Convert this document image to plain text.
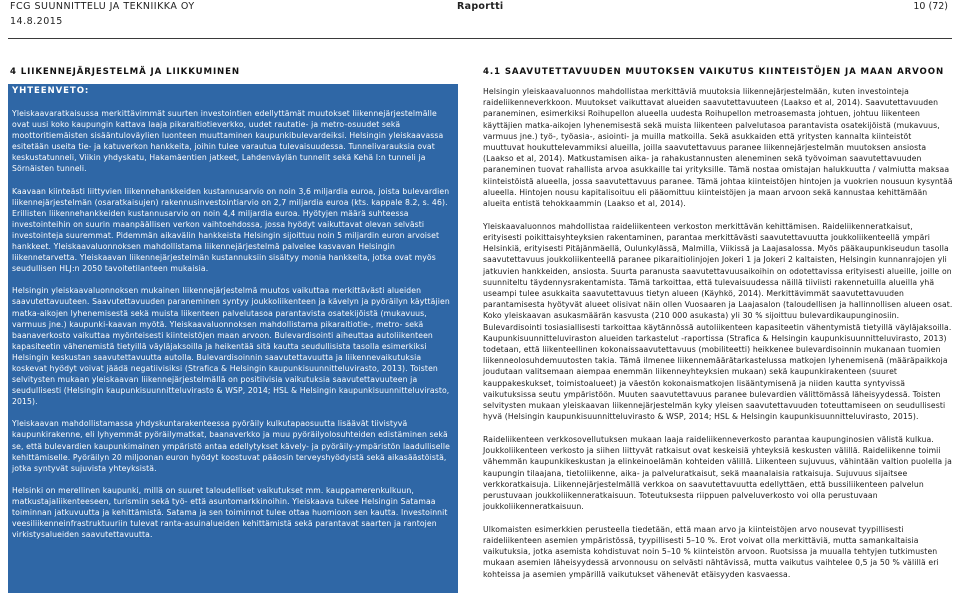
FCG SUUNNITTELU JA TEKNIIKKA OY
14.8.2015
Raportti	10 (72)
4 LIIKENNEJÄRJESTELMÄ JA LIIKKUMINEN	4.1 SAAVUTETTAVUUDEN MUUTOKSEN VAIKUTUS KIINTEISTÖJEN JA MAAN ARVOON
YHTEENVETO:

Yleiskaavaratkaisussa merkittävimmät suurten investointien edellyttämät muutokset liikennejärjestelmälle ovat uusi koko kaupungin kattava laaja pikaraitiotieverkko, uudet rautatie- ja metro-osuudet sekä moottoritiemäisten sisääntuloväylien luonteen muuttaminen kaupunkibulevardeiksi. Helsingin yleiskaavassa esitetään useita tie- ja katuverkon hankkeita, joihin tulee varautua tulevaisuudessa. Tunnelivarauksia ovat keskustatunneli, Viikin yhdyskatu, Hakamäentien jatkeet, Lahdenväylän tunnelit sekä Kehä I:n tunneli ja Sörnäisten tunneli.

Kaavaan kiinteästi liittyvien liikennehankkeiden kustannusarvio on noin 3,6 miljardia euroa, joista bulevardien liikennejärjestelmän (osaratkaisujen) rakennusinvestointiarvio on 2,7 miljardia euroa (kts. kappale 8.2, s. 46). Erillisten liikennehankkeiden kustannusarvio on noin 4,4 miljardia euroa. Hyötyjen määrä suhteessa investointeihin on suurin maanpäällisen verkon vaihtoehdossa, jossa hyödyt vaikuttavat olevan selvästi investointeja suuremmat. Pidemmän aikavälin hankkeista Helsingin sijoittuu noin 5 miljardin euron arvoiset hankkeet. Yleiskaavaluonnoksen mahdollistama liikennejärjestelmä palvelee kasvavan Helsingin liikennetarvetta. Yleiskaavan liikennejärjestelmän kustannuksiin sisältyy monia hankkeita, jotka ovat myös seudullisen HLJ:n 2050 tavoitetilanteen mukaisia.

Helsingin yleiskaavaluonnoksen mukainen liikennejärjestelmä muutos vaikuttaa merkittävästi alueiden saavutettavuuteen. Saavutettavuuden paraneminen syntyy joukkoliikenteen ja kävelyn ja pyöräilyn käyttäjien matka-aikojen lyhenemisestä sekä muista liikenteen palvelutasoa parantavista osatekijöistä (mukavuus, varmuus jne.) kaupunki-kaavan myötä. Yleiskaavaluonnoksen mahdollistama pikaraitiotie-, metro- sekä baanaverkosto vaikuttaa myönteisesti kiinteistöjen maan arvoon. Bulevardisointi aiheuttaa autoliikenteen kapasiteetin vähenemistä tietyillä väyläjaksoilla ja heikentää sitä kautta seudullisista tasolla esimerkiksi Helsingin keskustan saavutettavuutta autolla. Bulevardisoinnin saavutettavuutta ja liikennevaikutuksia koskevat hyödyt voivat jäädä negatiivisiksi (Strafica & Helsingin kaupunkisuunnitteluvirasto, 2013). Toisten selvitysten mukaan yleiskaavan liikennejärjestelmällä on positiivisia vaikutuksia saavutettavuuteen ja seudullisesti (Helsingin kaupunkisuunnitteluvirasto & WSP, 2014; HSL & Helsingin kaupunkisuunnitteluvirasto, 2015).

Yleiskaavan mahdollistamassa yhdyskuntarakenteessa pyöräily kulkutapaosuutta lisäävät tiivistyvä kaupunkirakenne, eli lyhyemmät pyöräilymatkat, baanaverkko ja muu pyöräilyolosuhteiden edistäminen sekä se, että bulevardien kaupunkimainen ympäristö antaa edellytykset kävely- ja pyöräily-ympäristön laadulliselle kehittämiselle. Pyöräilyn 20 miljoonan euron hyödyt koostuvat pääosin terveyshyödyistä sekä aikasäästöistä, jotka syntyvät sujuvista yhteyksistä.

Helsinki on merellinen kaupunki, millä on suuret taloudelliset vaikutukset mm. kauppamerenkulkuun, matkustajaliikenteeseen, turismiin sekä työ- että asuntomarkkinoihin. Yleiskaava tukee Helsingin Satamaa toiminnan jatkuvuutta ja kehittämistä. Satama ja sen toiminnot tulee ottaa huomioon sen kautta. Investoinnit veesiliikenneinfrastruktuuriin tulevat ranta-asuinalueiden kehittämistä sekä parantavat saarten ja rantojen virkistysalueiden saavutettavuutta.

Helsingin yleiskaavaluonnos mahdollistaa merkittäviä muutoksia liikennejärjestelmään, kuten investointeja raideliikenneverkkoon. Muutokset vaikuttavat alueiden saavutettavuuteen (Laakso et al, 2014). Saavutettavuuden paraneminen, esimerkiksi Roihupellon alueella uudesta Roihupellon metroasemasta johtuen, johtuu liikenteen käyttäjien matka-aikojen lyhenemisestä sekä muista liikenteen palvelutasoa parantavista osatekijöistä (mukavuus, varmuus jne.) työ-, työasia-, asiointi- ja muilla matkoilla. Sekä asukkaiden että yritysten kannalta kiinteistöt muuttuvat houkuttelevammiksi alueilla, joilla saavutettavuus paranee liikennejärjestelmän muutoksen ansiosta (Laakso et al, 2014). Matkustamisen aika- ja rahakustannusten aleneminen sekä työvoiman saavutettavuuden paraneminen tuovat rahallista arvoa asukkaille tai yrityksille. Tämä nostaa omistajan halukkuutta / valmiutta maksaa kiinteistöistä alueella, jossa saavutettavuus paranee. Tämä johtaa kiinteistöjen hintojen ja vuokrien nousuun kysyntää alueella. Hintojen nousu kapitalisoituu eli pääomittuu kiinteistöjen ja maan arvoon sekä kannustaa kehittämään alueita entistä tehokkaammin (Laakso et al, 2014).

Yleiskaavaluonnos mahdollistaa raideliikenteen verkoston merkittävän kehittämisen. Raideliikenneratkaisut, erityisesti poikittaisyhteyksien rakentaminen, parantaa merkittävästi saavutettavuutta joukkoliikenteellä ympäri Helsinkiä, erityisesti Pitäjänmäellä, Oulunkylässä, Malmilla, Viikissä ja Laajasalossa. Myös pääkaupunkiseudun tasolla saavutettavuus joukkoliikenteellä paranee pikaraitiolinjojen Jokeri 1 ja Jokeri 2 kaltaisten, Helsingin kunnanrajojen yli jatkuvien hankkeiden, ansiosta. Suurta paranusta saavutettavuusaikoihin on odotettavissa erityisesti alueille, joille on suunniteltu täydennysrakentamista. Tämä tarkoittaa, että tulevaisuudessa näillä tiiviisti rakennetuilla alueilla yhä useampi tulee asukkaita saavutettavuus tietyn alueen (Käyhkö, 2014). Merkittävimmät saavutettavuuden parantamisesta hyötyvät alueet olisivat näin ollen Vuosaaren ja Laajasalon (taloudellisen ja hallinnollisen alueen osat. Koko yleiskaavan asukasmäärän kasvusta (210 000 asukasta) yli 30 % sijoittuu bulevardikaupunginosiin. Bulevardisointi tosiasiallisesti tarkoittaa käytännössä autoliikenteen kapasiteetin vähentymistä tietyillä väyläjaksoilla. Kaupunkisuunnitteluviraston alueiden tarkastelut -raportissa (Strafica & Helsingin kaupunkisuunnitteluvirasto, 2013) todetaan, että liikenteellinen kokonaissaavutettavuus (mobiliteetti) heikkenee bulevardisoinnin mukanaan tuomien liikenneolosuhdemuutosten takia. Tämä ilmenee liikennemäärätarkastelussa matkojen lyhenemisenä (määräpaikkoja joudutaan valitsemaan aiempaa enemmän liikenneyhteyksien mukaan) sekä kaupunkirakenteen (suuret kauppakeskukset, toimistoalueet) ja väestön kokonaismatkojen lisääntymisenä ja niiden kautta syntyvissä vaikutuksissa seutu ympäristöön. Muuten saavutettavuus paranee bulevardien välittömässä läheisyydessä. Toisten selvitysten mukaan yleiskaavan liikennejärjestelmän kyky yleisen saavutettavuuden toteuttamiseen on seudullisesti hyvä (Helsingin kaupunkisuunnitteluvirasto & WSP, 2014; HSL & Helsingin kaupunkisuunnitteluvirasto, 2015).

Raideliikenteen verkkosovellutuksen mukaan laaja raideliikenneverkosto parantaa kaupunginosien välistä kulkua. Joukkoliikenteen verkosto ja siihen liittyvät ratkaisut ovat keskeisiä yhteyksiä keskusten välillä. Raideliikenne toimii vähemmän kaupunkikeskustan ja elinkeinoelämän kohteiden välillä. Liikenteen sujuvuus, vähintään valtion puolella ja kaupungin tilaajana, tietoliikenne, aika- ja palveluratkaisut, sekä maanalaisia ratkaisuja. Sujuvuus sijaitsee verkkoratkaisuja. Liikennejärjestelmällä verkkoa on saavutettavuutta edellyttäen, että bussiliikenteen palvelun perustuvaan joukkoliikenneratkaisuun. Toteutuksesta riippuen palveluverkosto voi olla perustuvaan joukkoliikenneratkaisuun.

Ulkomaisten esimerkkien perusteella tiedetään, että maan arvo ja kiinteistöjen arvo nousevat tyypillisesti raideliikenteen asemien ympäristössä, tyypillisesti 5–10 %. Erot voivat olla merkittäviä, mutta samankaltaisia vaikutuksia, jotka asemista kohdistuvat noin 5–10 % kiinteistön arvoon. Ruotsissa ja muualla tehtyjen tutkimusten mukaan asemien läheisyydessä arvonnousu on selvästi nähtävissä, mutta vaikutus vaihtelee 0,5 ja 50 % välillä eri kohteissa ja asemien ympärillä vaikutukset vähenevät etäisyyden kasvaessa.
